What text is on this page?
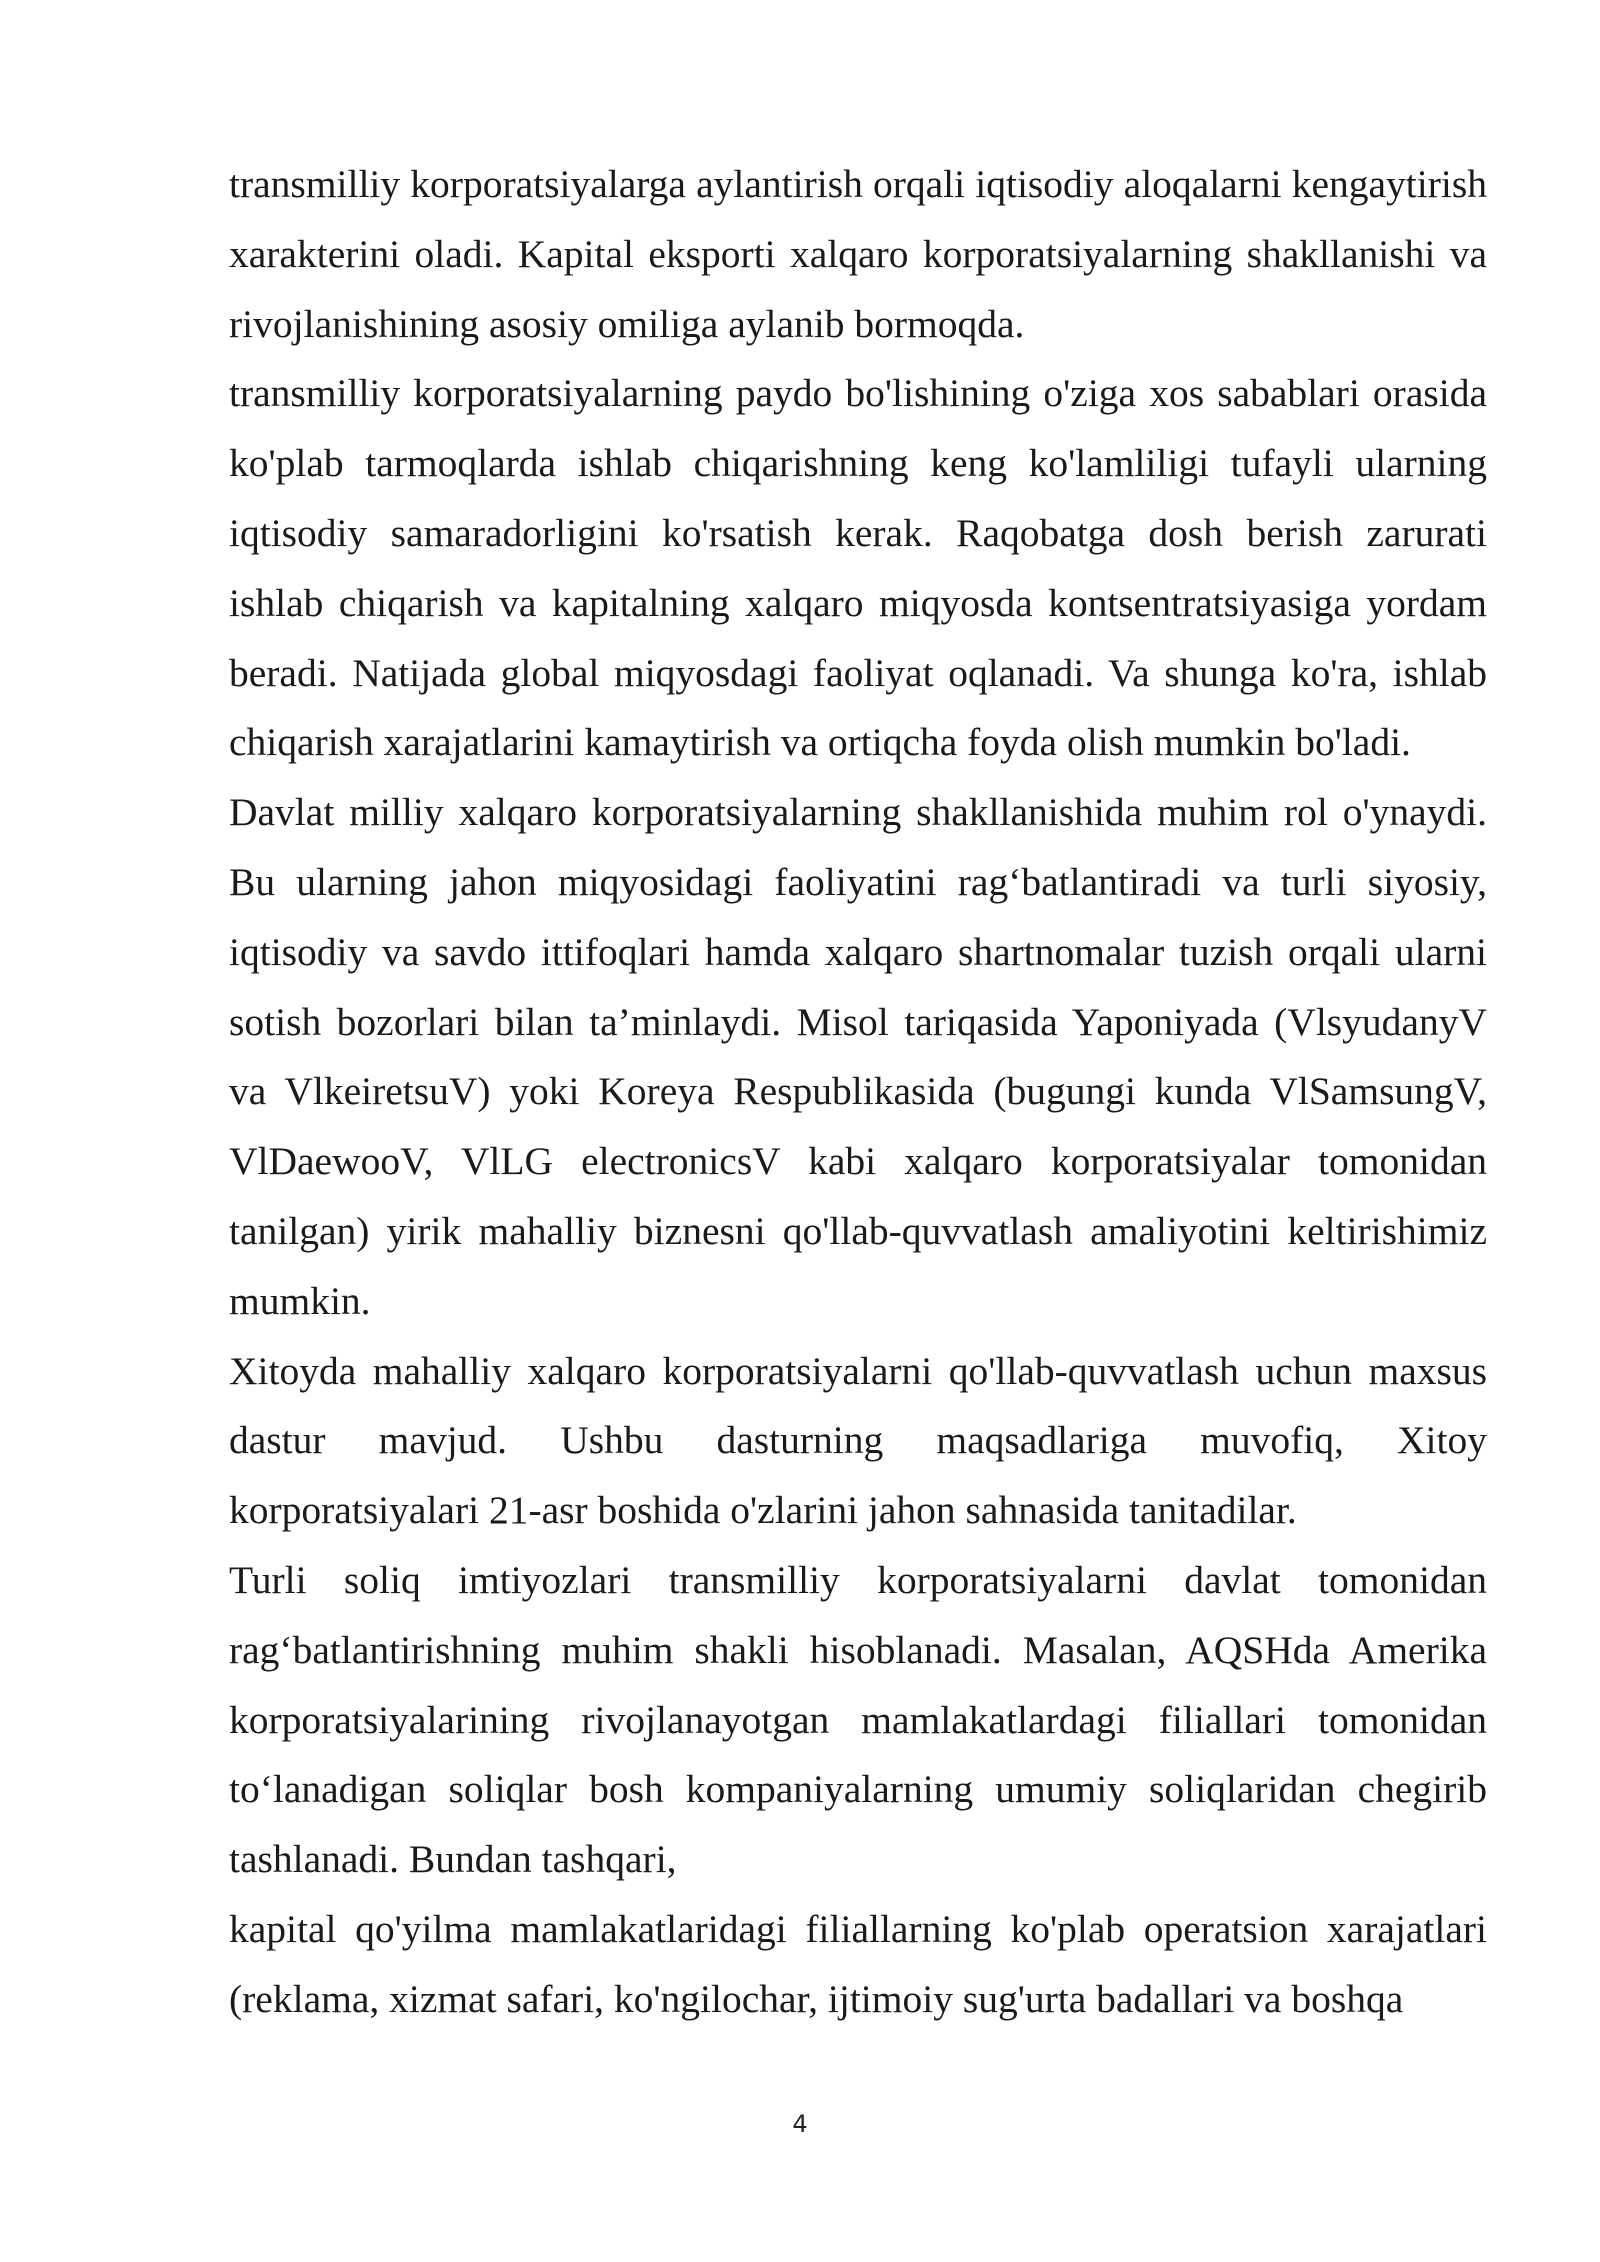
transmilliy korporatsiyalarga aylantirish orqali iqtisodiy aloqalarni kengaytirish xarakterini oladi. Kapital eksporti xalqaro korporatsiyalarning shakllanishi va rivojlanishining asosiy omiliga aylanib bormoqda.

transmilliy korporatsiyalarning paydo bo'lishining o'ziga xos sabablari orasida ko'plab tarmoqlarda ishlab chiqarishning keng ko'lamliligi tufayli ularning iqtisodiy samaradorligini ko'rsatish kerak. Raqobatga dosh berish zarurati ishlab chiqarish va kapitalning xalqaro miqyosda kontsentratsiyasiga yordam beradi. Natijada global miqyosdagi faoliyat oqlanadi. Va shunga ko'ra, ishlab chiqarish xarajatlarini kamaytirish va ortiqcha foyda olish mumkin bo'ladi.

Davlat milliy xalqaro korporatsiyalarning shakllanishida muhim rol o'ynaydi. Bu ularning jahon miqyosidagi faoliyatini rag‘batlantiradi va turli siyosiy, iqtisodiy va savdo ittifoqlari hamda xalqaro shartnomalar tuzish orqali ularni sotish bozorlari bilan ta’minlaydi. Misol tariqasida Yaponiyada (VlsyudanyV va VlkeiretsuV) yoki Koreya Respublikasida (bugungi kunda VlSamsungV, VlDaewooV, VlLG electronicsV kabi xalqaro korporatsiyalar tomonidan tanilgan) yirik mahalliy biznesni qo'llab-quvvatlash amaliyotini keltirishimiz mumkin.

Xitoyda mahalliy xalqaro korporatsiyalarni qo'llab-quvvatlash uchun maxsus dastur mavjud. Ushbu dasturning maqsadlariga muvofiq, Xitoy korporatsiyalari 21-asr boshida o'zlarini jahon sahnasida tanitadilar.

Turli soliq imtiyozlari transmilliy korporatsiyalarni davlat tomonidan rag‘batlantirishning muhim shakli hisoblanadi. Masalan, AQSHda Amerika korporatsiyalarining rivojlanayotgan mamlakatlardagi filiallari tomonidan to‘lanadigan soliqlar bosh kompaniyalarning umumiy soliqlaridan chegirib tashlanadi. Bundan tashqari,

kapital qo'yilma mamlakatlaridagi filiallarning ko'plab operatsion xarajatlari (reklama, xizmat safari, ko'ngilochar, ijtimoiy sug'urta badallari va boshqa

4
